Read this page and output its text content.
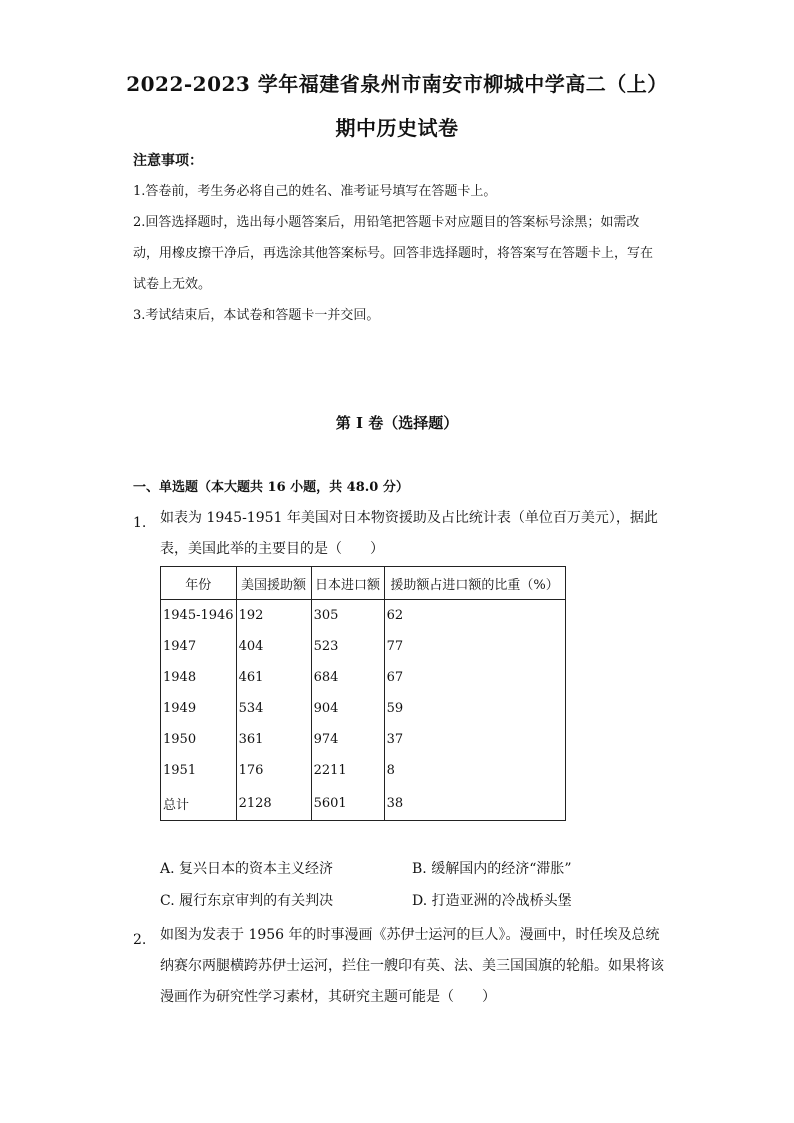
2022-2023 学年福建省泉州市南安市柳城中学高二（上）
期中历史试卷
注意事项：
1.答卷前，考生务必将自己的姓名、准考证号填写在答题卡上。
2.回答选择题时，选出每小题答案后，用铅笔把答题卡对应题目的答案标号涂黑；如需改动，用橡皮擦干净后，再选涂其他答案标号。回答非选择题时，将答案写在答题卡上，写在试卷上无效。
3.考试结束后，本试卷和答题卡一并交回。
第 I 卷（选择题）
一、单选题（本大题共 16 小题，共 48.0 分）
1. 如表为 1945-1951 年美国对日本物资援助及占比统计表（单位百万美元），据此表，美国此举的主要目的是（　　）
年份	美国援助额	日本进口额	援助额占进口额的比重（%）
1945-1946	192	305	62
1947	404	523	77
1948	461	684	67
1949	534	904	59
1950	361	974	37
1951	176	2211	8
总计	2128	5601	38
A. 复兴日本的资本主义经济	B. 缓解国内的经济“滞胀”
C. 履行东京审判的有关判决	D. 打造亚洲的冷战桥头堡
2. 如图为发表于 1956 年的时事漫画《苏伊士运河的巨人》。漫画中，时任埃及总统纳赛尔两腿横跨苏伊士运河，拦住一艘印有英、法、美三国国旗的轮船。如果将该漫画作为研究性学习素材，其研究主题可能是（　　）
